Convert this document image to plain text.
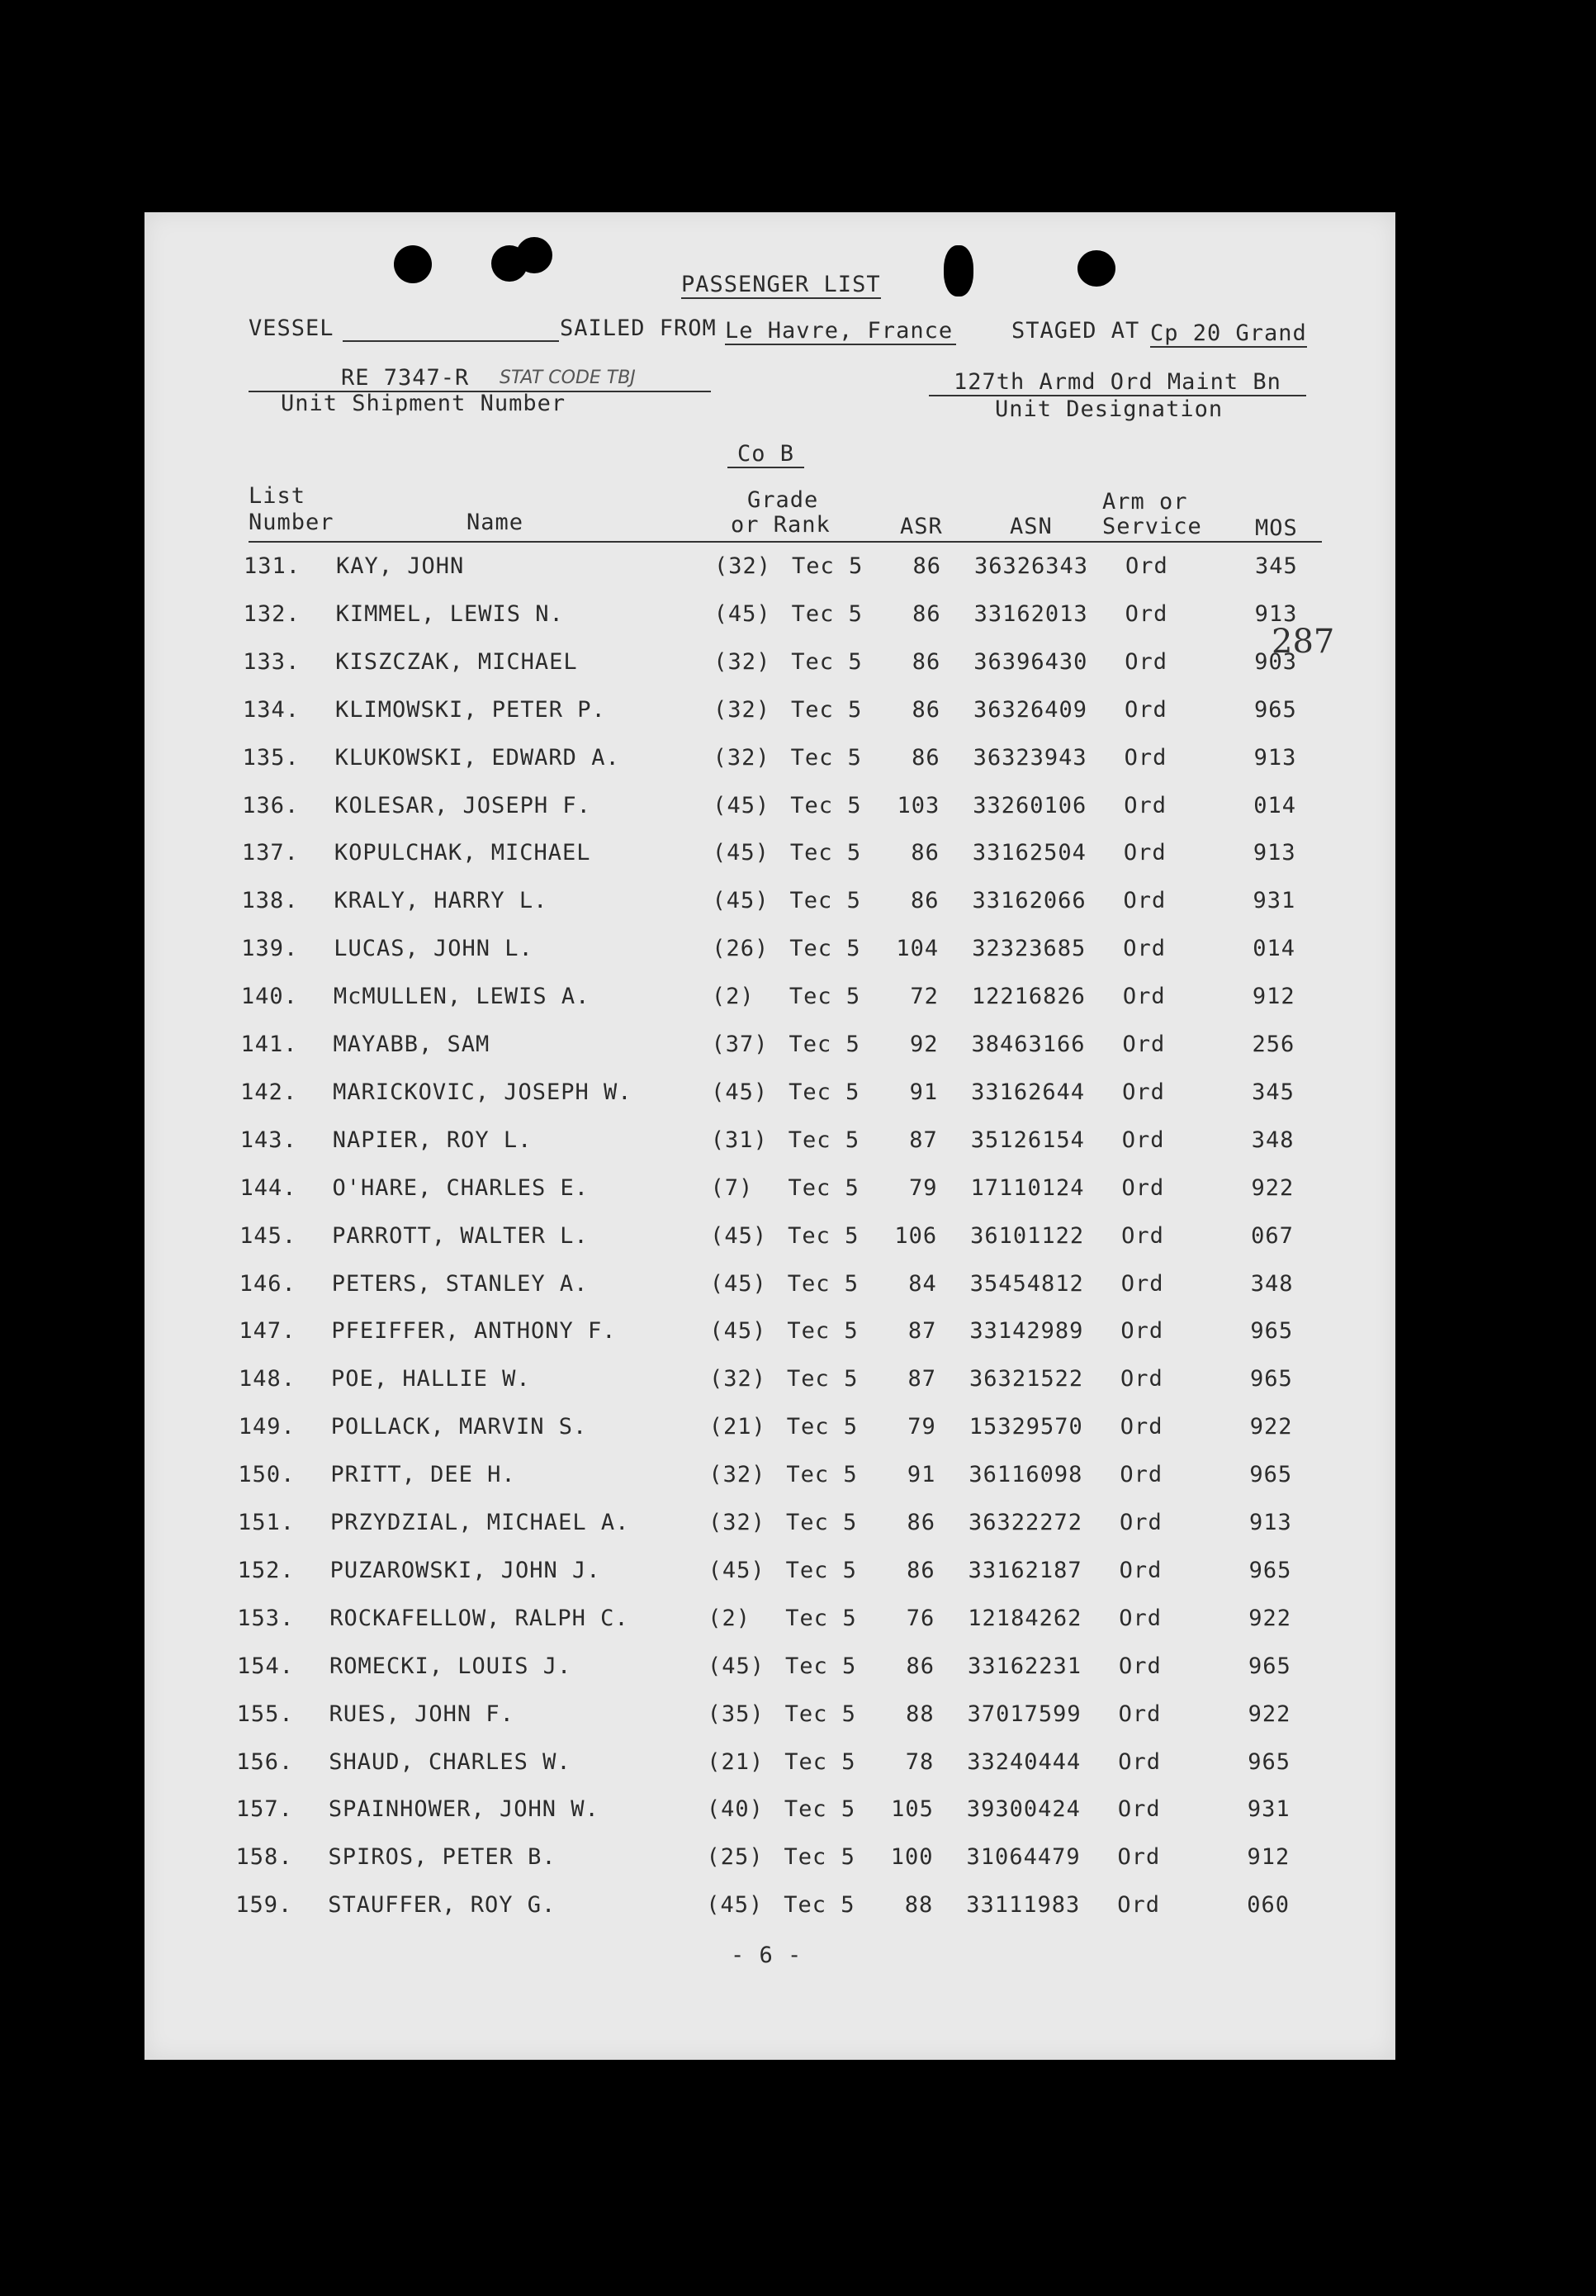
PASSENGER LIST
VESSEL	SAILED FROM Le Havre, France	STAGED AT Cp 20 Grand
RE 7347-R STAT CODE TBJ
Unit Shipment Number
127th Armd Ord Maint Bn
Unit Designation
Co B
List
Number	Name
Grade
or Rank	ASR	ASN
Arm or
Service MOS
287
131. KAY, JOHN	(32) Tec 5 86 36326343 Ord	345
132. KIMMEL, LEWIS N.	(45) Tec 5 86 33162013 Ord	913
133. KISZCZAK, MICHAEL	(32) Tec 5 86 36396430 Ord	903
134. KLIMOWSKI, PETER P.	(32) Tec 5 86 36326409 Ord	965
135. KLUKOWSKI, EDWARD A.	(32) Tec 5 86 36323943 Ord	913
136. KOLESAR, JOSEPH F.	(45) Tec 5 103 33260106 Ord	014
137. KOPULCHAK, MICHAEL	(45) Tec 5 86 33162504 Ord	913
138. KRALY, HARRY L.	(45) Tec 5 86 33162066 Ord	931
139. LUCAS, JOHN L.	(26) Tec 5 104 32323685 Ord	014
140. McMULLEN, LEWIS A.	(2) Tec 5 72 12216826 Ord	912
141. MAYABB, SAM	(37) Tec 5 92 38463166 Ord	256
142. MARICKOVIC, JOSEPH W.	(45) Tec 5 91 33162644 Ord	345
143. NAPIER, ROY L.	(31) Tec 5 87 35126154 Ord	348
144. O'HARE, CHARLES E.	(7) Tec 5 79 17110124 Ord	922
145. PARROTT, WALTER L.	(45) Tec 5 106 36101122 Ord	067
146. PETERS, STANLEY A.	(45) Tec 5 84 35454812 Ord	348
147. PFEIFFER, ANTHONY F.	(45) Tec 5 87 33142989 Ord	965
148. POE, HALLIE W.	(32) Tec 5 87 36321522 Ord	965
149. POLLACK, MARVIN S.	(21) Tec 5 79 15329570 Ord	922
150. PRITT, DEE H.	(32) Tec 5 91 36116098 Ord	965
151. PRZYDZIAL, MICHAEL A.	(32) Tec 5 86 36322272 Ord	913
152. PUZAROWSKI, JOHN J.	(45) Tec 5 86 33162187 Ord	965
153. ROCKAFELLOW, RALPH C.	(2) Tec 5 76 12184262 Ord	922
154. ROMECKI, LOUIS J.	(45) Tec 5 86 33162231 Ord	965
155. RUES, JOHN F.	(35) Tec 5 88 37017599 Ord	922
156. SHAUD, CHARLES W.	(21) Tec 5 78 33240444 Ord	965
157. SPAINHOWER, JOHN W.	(40) Tec 5 105 39300424 Ord	931
158. SPIROS, PETER B.	(25) Tec 5 100 31064479 Ord	912
159. STAUFFER, ROY G.	(45) Tec 5 88 33111983 Ord	060
- 6 -
